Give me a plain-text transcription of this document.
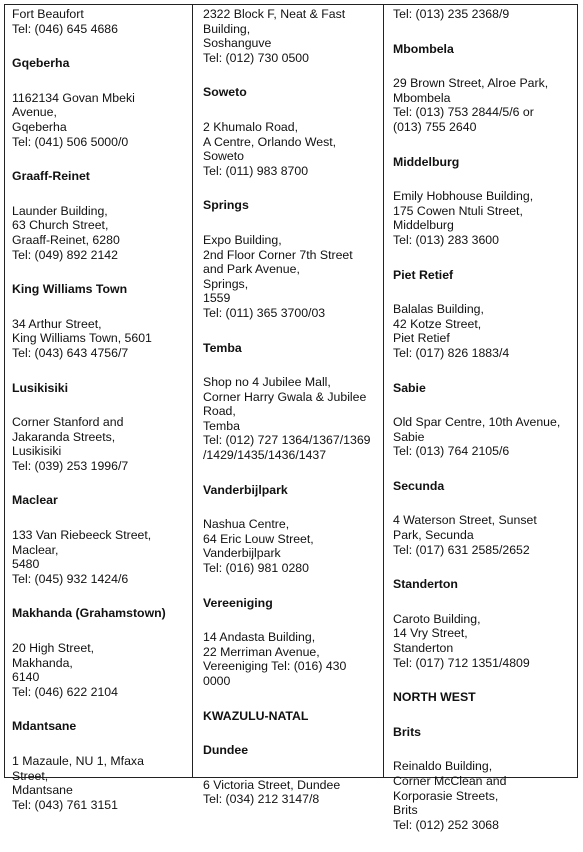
Fort Beaufort
Tel: (046) 645 4686
Gqeberha
1162134 Govan Mbeki
Avenue,
Gqeberha
Tel: (041) 506 5000/0
Graaff-Reinet
Launder Building,
63 Church Street,
Graaff-Reinet, 6280
Tel: (049) 892 2142
King Williams Town
34 Arthur Street,
King Williams Town, 5601
Tel: (043) 643 4756/7
Lusikisiki
Corner Stanford and
Jakaranda Streets,
Lusikisiki
Tel: (039) 253 1996/7
Maclear
133 Van Riebeeck Street,
Maclear,
5480
Tel: (045) 932 1424/6
Makhanda (Grahamstown)
20 High Street,
Makhanda,
6140
Tel: (046) 622 2104
Mdantsane
1 Mazaule, NU 1, Mfaxa
Street,
Mdantsane
Tel: (043) 761 3151
2322 Block F, Neat & Fast
Building,
Soshanguve
Tel: (012) 730 0500
Soweto
2 Khumalo Road,
A Centre, Orlando West,
Soweto
Tel: (011) 983 8700
Springs
Expo Building,
2nd Floor Corner 7th Street
and Park Avenue,
Springs,
1559
Tel: (011) 365 3700/03
Temba
Shop no 4 Jubilee Mall,
Corner Harry Gwala & Jubilee
Road,
Temba
Tel: (012) 727 1364/1367/1369
/1429/1435/1436/1437
Vanderbijlpark
Nashua Centre,
64 Eric Louw Street,
Vanderbijlpark
Tel: (016) 981 0280
Vereeniging
14 Andasta Building,
22 Merriman Avenue,
Vereeniging Tel: (016) 430
0000
KWAZULU-NATAL
Dundee
6 Victoria Street, Dundee
Tel: (034) 212 3147/8
Tel: (013) 235 2368/9
Mbombela
29 Brown Street, Alroe Park,
Mbombela
Tel: (013) 753 2844/5/6 or
(013) 755 2640
Middelburg
Emily Hobhouse Building,
175 Cowen Ntuli Street,
Middelburg
Tel: (013) 283 3600
Piet Retief
Balalas Building,
42 Kotze Street,
Piet Retief
Tel: (017) 826 1883/4
Sabie
Old Spar Centre, 10th Avenue,
Sabie
Tel: (013) 764 2105/6
Secunda
4 Waterson Street, Sunset
Park, Secunda
Tel: (017) 631 2585/2652
Standerton
Caroto Building,
14 Vry Street,
Standerton
Tel: (017) 712 1351/4809
NORTH WEST
Brits
Reinaldo Building,
Corner McClean and
Korporasie Streets,
Brits
Tel: (012) 252 3068
